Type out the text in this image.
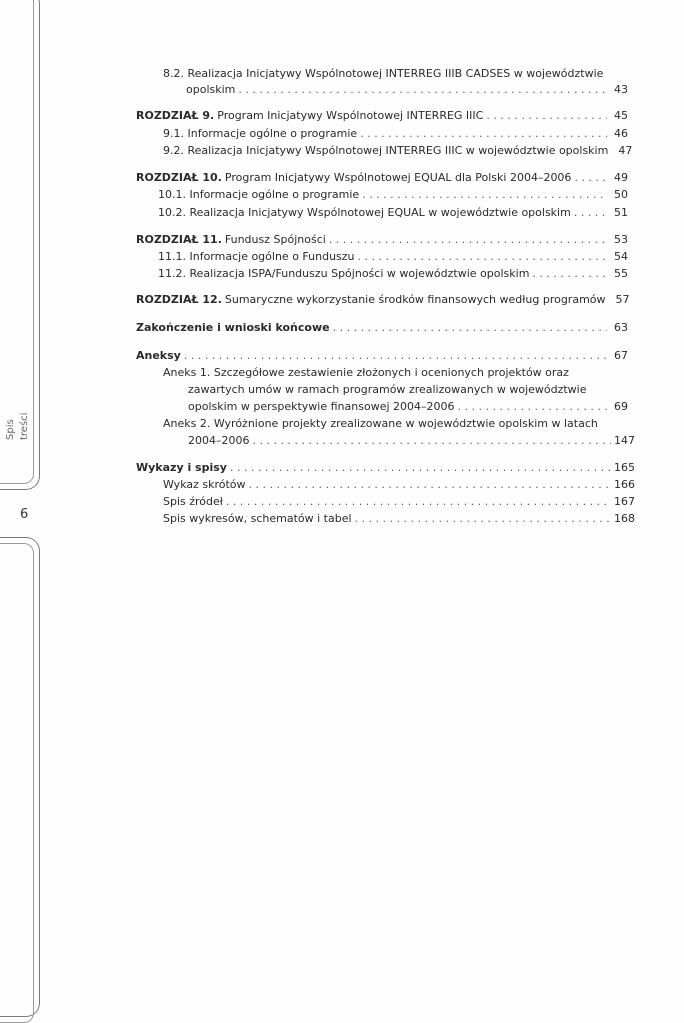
Spis treści
6
8.2. Realizacja Inicjatywy Wspólnotowej INTERREG IIIB CADSES w województwie
opolskim . . .	43
ROZDZIAŁ 9. Program Inicjatywy Wspólnotowej INTERREG IIIC . . .	45
9.1. Informacje ogólne o programie . . .	46
9.2. Realizacja Inicjatywy Wspólnotowej INTERREG IIIC w województwie opolskim 47
ROZDZIAŁ 10. Program Inicjatywy Wspólnotowej EQUAL dla Polski 2004–2006 . . .	49
10.1. Informacje ogólne o programie . . .	50
10.2. Realizacja Inicjatywy Wspólnotowej EQUAL w województwie opolskim . . .	51
ROZDZIAŁ 11. Fundusz Spójności . . .	53
11.1. Informacje ogólne o Funduszu . . .	54
11.2. Realizacja ISPA/Funduszu Spójności w województwie opolskim . . .	55
ROZDZIAŁ 12. Sumaryczne wykorzystanie środków finansowych według programów 57
Zakończenie i wnioski końcowe . . .	63
Aneksy . . .	67
Aneks 1. Szczegółowe zestawienie złożonych i ocenionych projektów oraz
zawartych umów w ramach programów zrealizowanych w województwie
opolskim w perspektywie finansowej 2004–2006 . . .	69
Aneks 2. Wyróżnione projekty zrealizowane w województwie opolskim w latach
2004–2006 . . .	147
Wykazy i spisy . . .	165
Wykaz skrótów . . .	166
Spis źródeł . . .	167
Spis wykresów, schematów i tabel . . .	168
